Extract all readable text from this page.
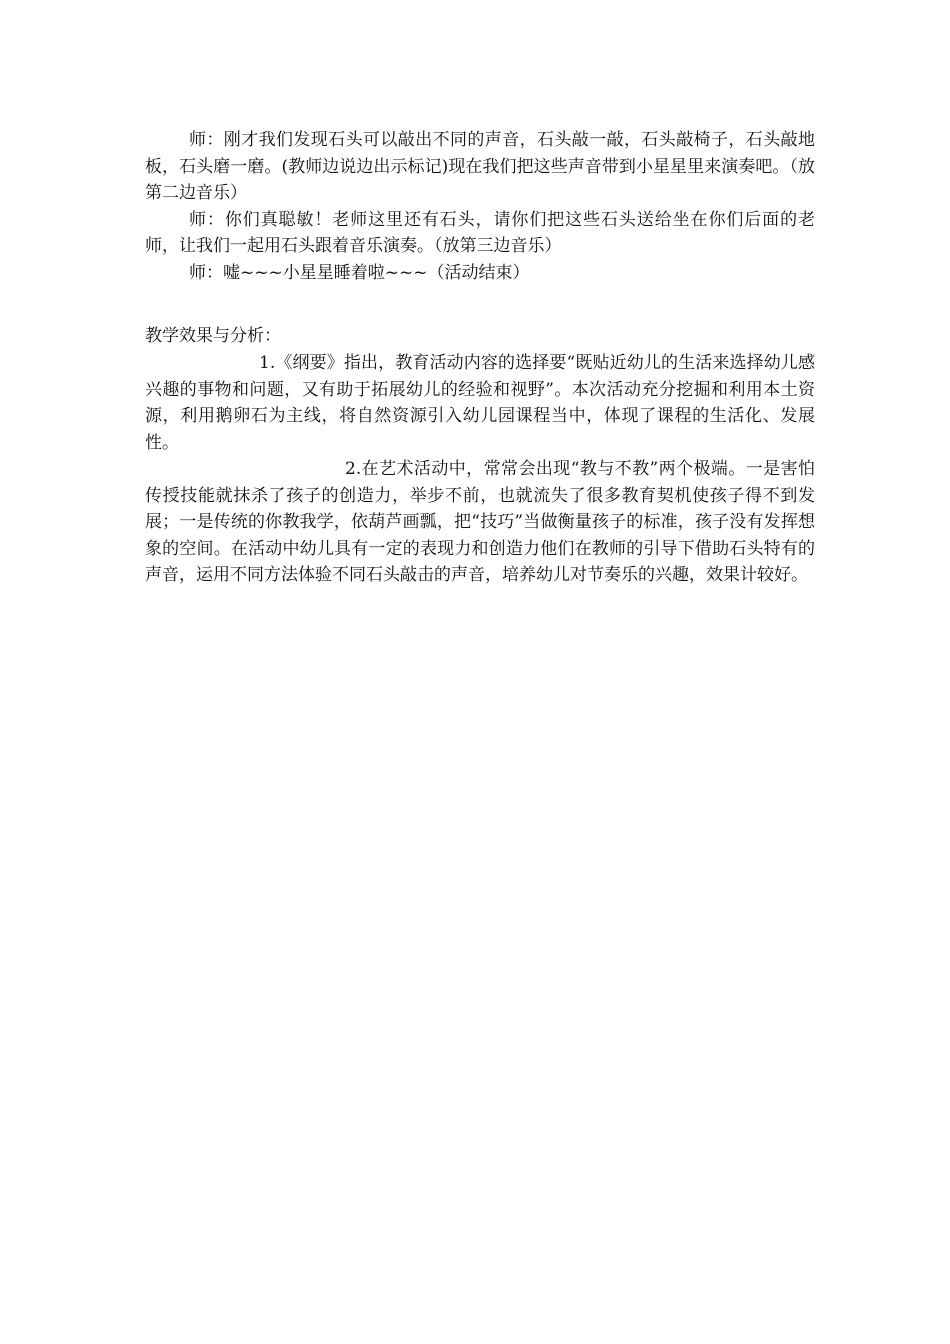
师：刚才我们发现石头可以敲出不同的声音，石头敲一敲，石头敲椅子，石头敲地板，石头磨一磨。(教师边说边出示标记)现在我们把这些声音带到小星星里来演奏吧。（放第二边音乐）

师：你们真聪敏！老师这里还有石头，请你们把这些石头送给坐在你们后面的老师，让我们一起用石头跟着音乐演奏。（放第三边音乐）

师：嘘~~~小星星睡着啦~~~（活动结束）

教学效果与分析：

1.《纲要》指出，教育活动内容的选择要“既贴近幼儿的生活来选择幼儿感兴趣的事物和问题，又有助于拓展幼儿的经验和视野”。本次活动充分挖掘和利用本土资源，利用鹅卵石为主线，将自然资源引入幼儿园课程当中，体现了课程的生活化、发展性。

2.在艺术活动中，常常会出现“教与不教”两个极端。一是害怕传授技能就抹杀了孩子的创造力，举步不前，也就流失了很多教育契机使孩子得不到发展；一是传统的你教我学，依葫芦画瓢，把“技巧”当做衡量孩子的标准，孩子没有发挥想象的空间。在活动中幼儿具有一定的表现力和创造力他们在教师的引导下借助石头特有的声音，运用不同方法体验不同石头敲击的声音，培养幼儿对节奏乐的兴趣，效果计较好。
